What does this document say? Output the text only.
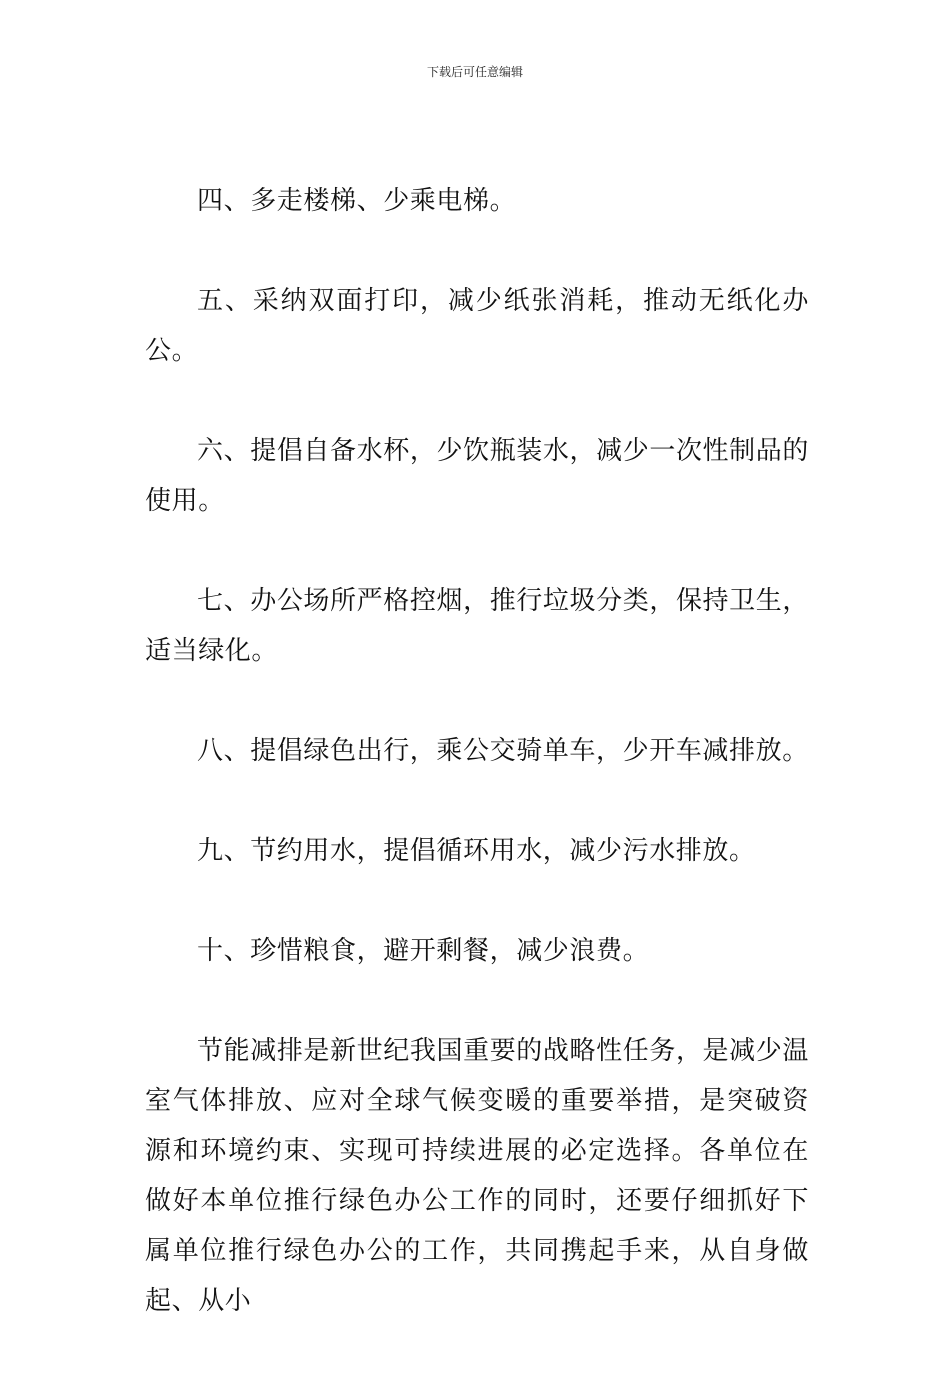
下载后可任意编辑

四、多走楼梯、少乘电梯。

五、采纳双面打印，减少纸张消耗，推动无纸化办公。

六、提倡自备水杯，少饮瓶装水，减少一次性制品的使用。

七、办公场所严格控烟，推行垃圾分类，保持卫生，适当绿化。

八、提倡绿色出行，乘公交骑单车，少开车减排放。

九、节约用水，提倡循环用水，减少污水排放。

十、珍惜粮食，避开剩餐，减少浪费。

节能减排是新世纪我国重要的战略性任务，是减少温室气体排放、应对全球气候变暖的重要举措，是突破资源和环境约束、实现可持续进展的必定选择。各单位在做好本单位推行绿色办公工作的同时，还要仔细抓好下属单位推行绿色办公的工作，共同携起手来，从自身做起、从小
